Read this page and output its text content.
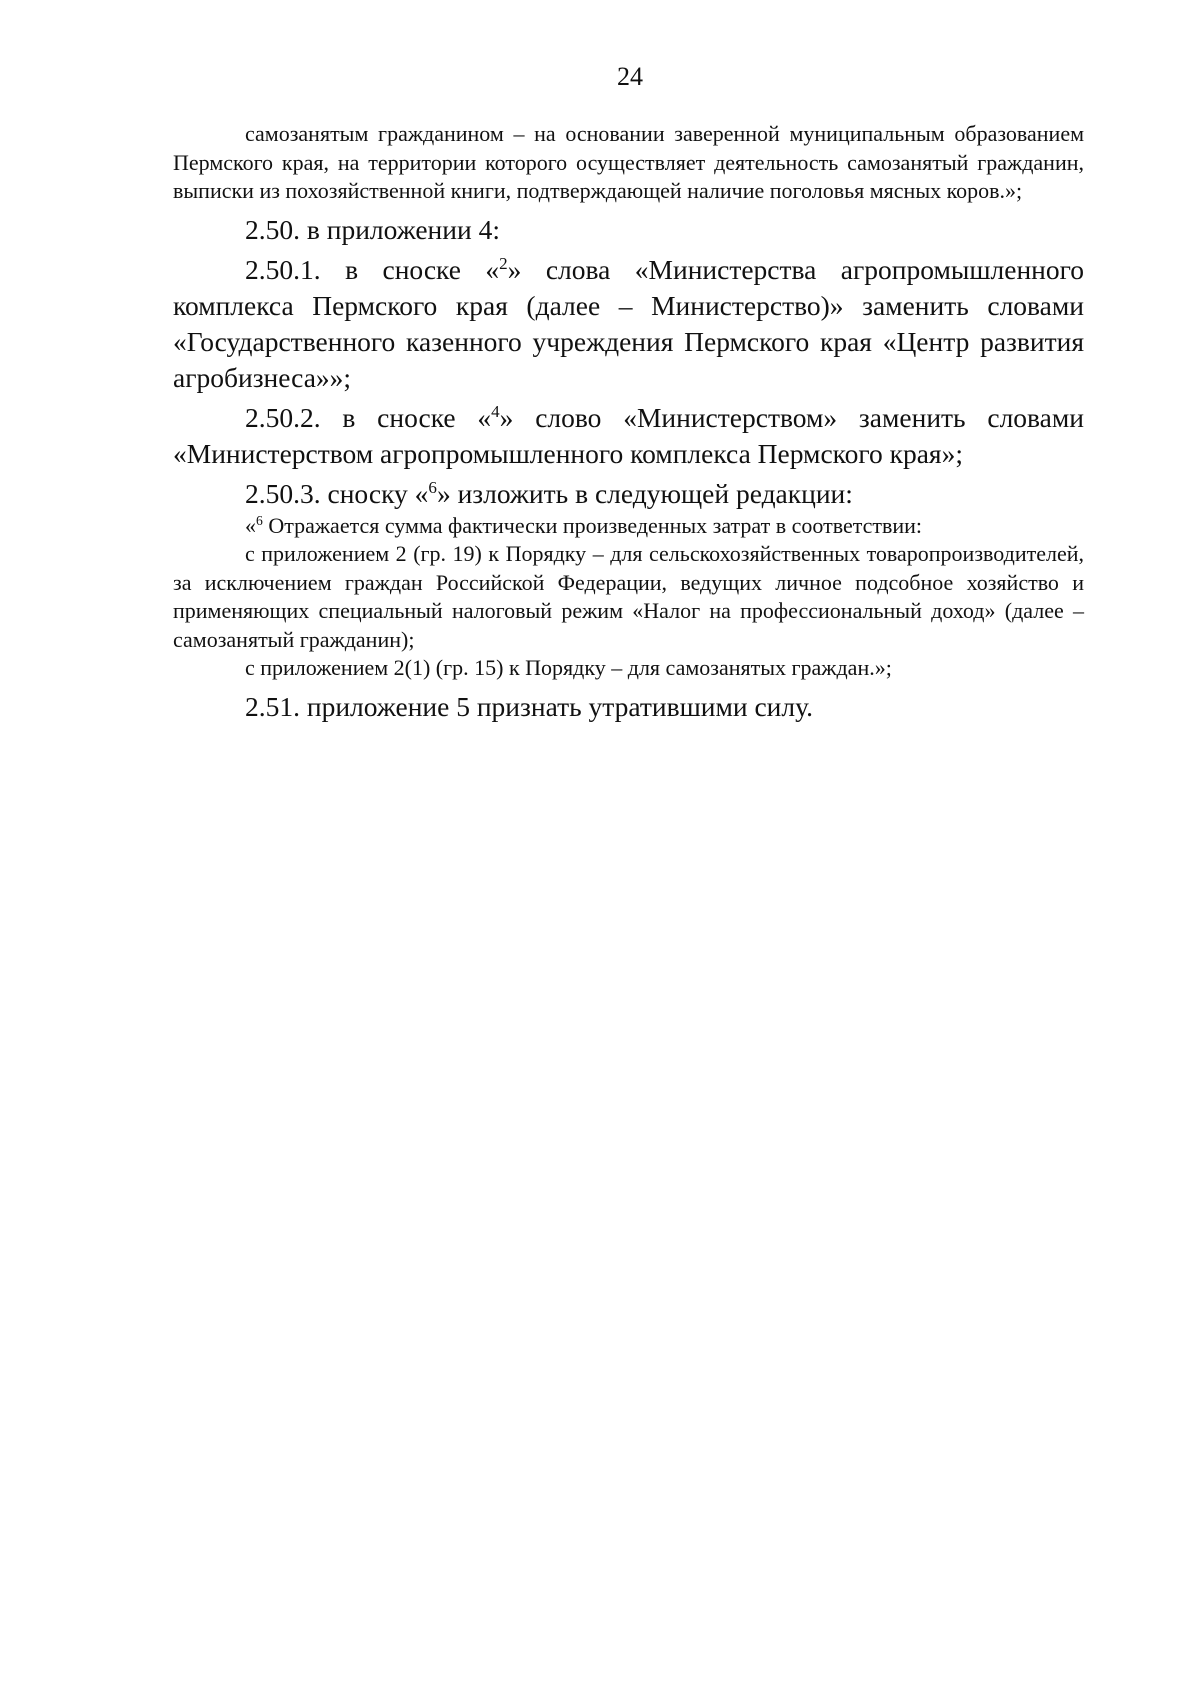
24

самозанятым гражданином – на основании заверенной муниципальным образованием Пермского края, на территории которого осуществляет деятельность самозанятый гражданин, выписки из похозяйственной книги, подтверждающей наличие поголовья мясных коров.»;

2.50. в приложении 4:

2.50.1. в сноске «$^2$» слова «Министерства агропромышленного комплекса Пермского края (далее – Министерство)» заменить словами «Государственного казенного учреждения Пермского края «Центр развития агробизнеса»»;

2.50.2. в сноске «$^4$» слово «Министерством» заменить словами «Министерством агропромышленного комплекса Пермского края»;

2.50.3. сноску «$^6$» изложить в следующей редакции:

«$^6$ Отражается сумма фактически произведенных затрат в соответствии:

с приложением 2 (гр. 19) к Порядку – для сельскохозяйственных товаропроизводителей, за исключением граждан Российской Федерации, ведущих личное подсобное хозяйство и применяющих специальный налоговый режим «Налог на профессиональный доход» (далее – самозанятый гражданин);

с приложением 2(1) (гр. 15) к Порядку – для самозанятых граждан.»;

2.51. приложение 5 признать утратившими силу.
